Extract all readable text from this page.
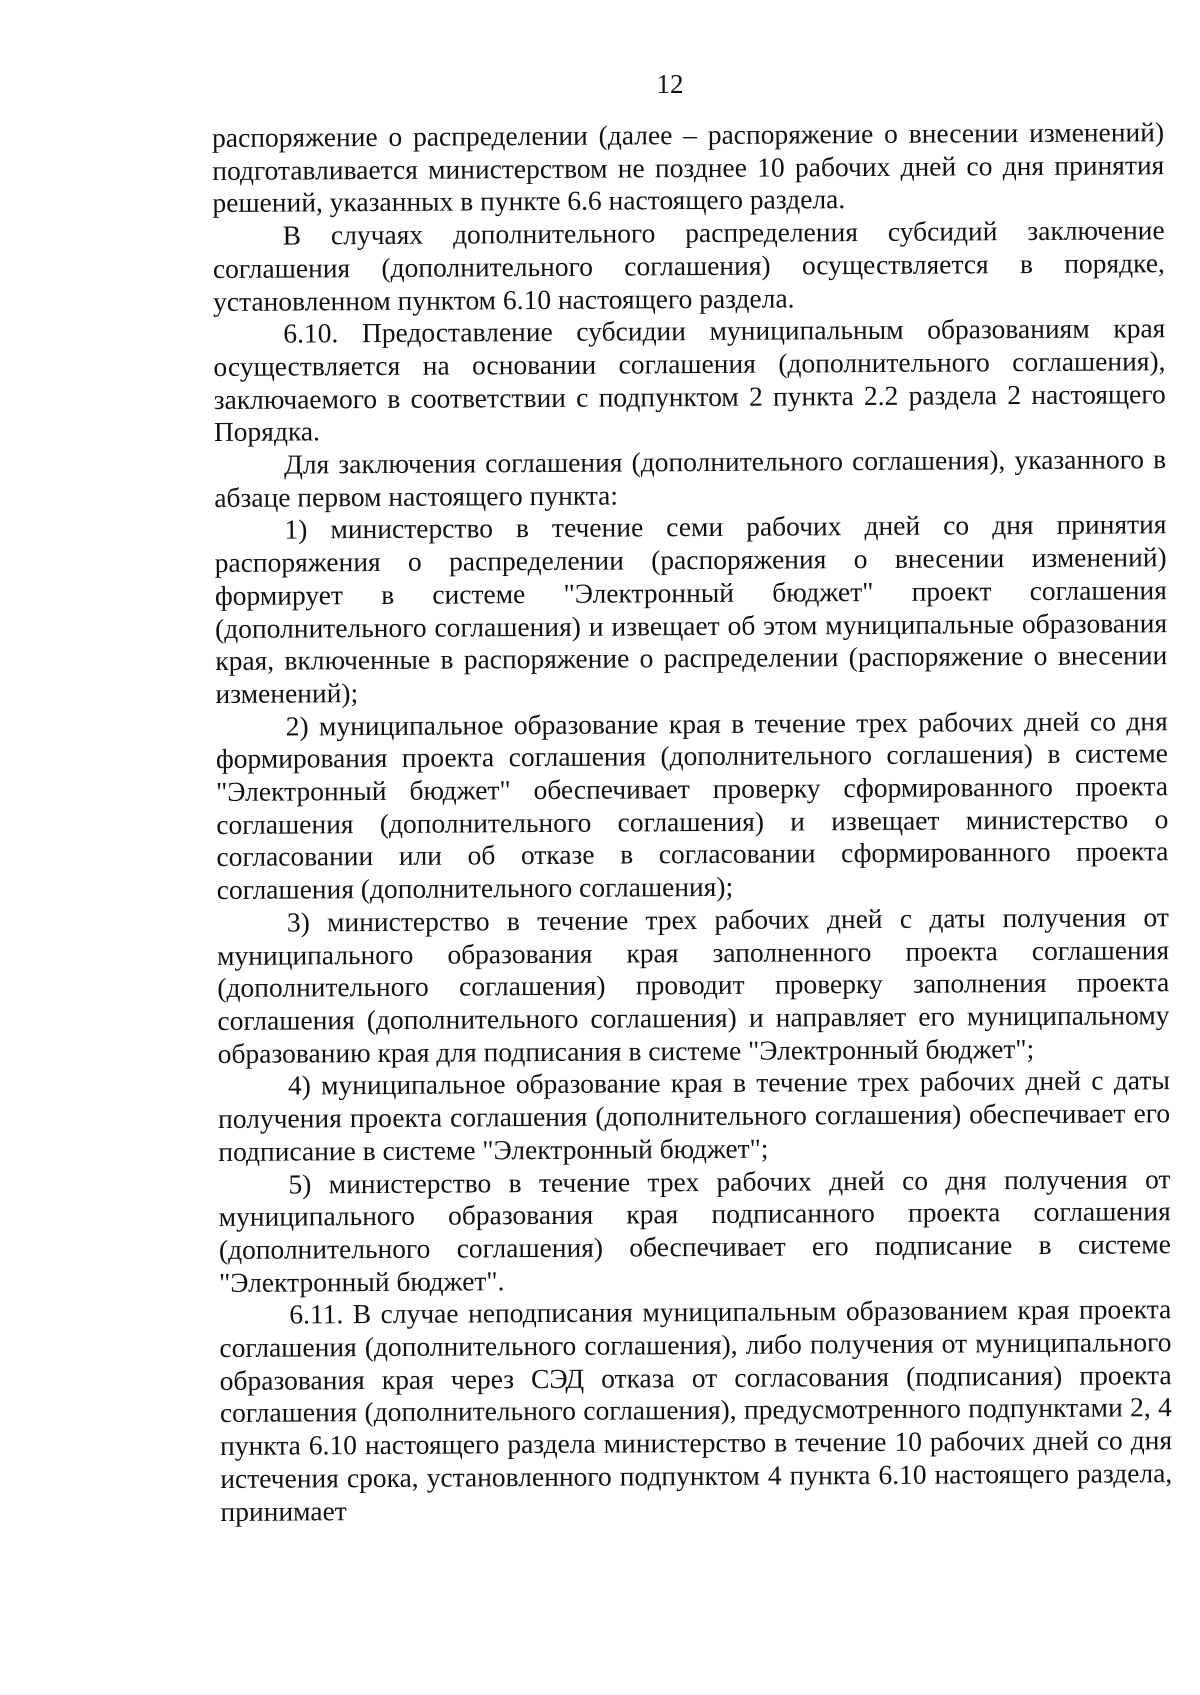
12

распоряжение о распределении (далее – распоряжение о внесении изменений) подготавливается министерством не позднее 10 рабочих дней со дня принятия решений, указанных в пункте 6.6 настоящего раздела.

В случаях дополнительного распределения субсидий заключение соглашения (дополнительного соглашения) осуществляется в порядке, установленном пунктом 6.10 настоящего раздела.

6.10. Предоставление субсидии муниципальным образованиям края осуществляется на основании соглашения (дополнительного соглашения), заключаемого в соответствии с подпунктом 2 пункта 2.2 раздела 2 настоящего Порядка.

Для заключения соглашения (дополнительного соглашения), указанного в абзаце первом настоящего пункта:

1) министерство в течение семи рабочих дней со дня принятия распоряжения о распределении (распоряжения о внесении изменений) формирует в системе "Электронный бюджет" проект соглашения (дополнительного соглашения) и извещает об этом муниципальные образования края, включенные в распоряжение о распределении (распоряжение о внесении изменений);

2) муниципальное образование края в течение трех рабочих дней со дня формирования проекта соглашения (дополнительного соглашения) в системе "Электронный бюджет" обеспечивает проверку сформированного проекта соглашения (дополнительного соглашения) и извещает министерство о согласовании или об отказе в согласовании сформированного проекта соглашения (дополнительного соглашения);

3) министерство в течение трех рабочих дней с даты получения от муниципального образования края заполненного проекта соглашения (дополнительного соглашения) проводит проверку заполнения проекта соглашения (дополнительного соглашения) и направляет его муниципальному образованию края для подписания в системе "Электронный бюджет";

4) муниципальное образование края в течение трех рабочих дней с даты получения проекта соглашения (дополнительного соглашения) обеспечивает его подписание в системе "Электронный бюджет";

5) министерство в течение трех рабочих дней со дня получения от муниципального образования края подписанного проекта соглашения (дополнительного соглашения) обеспечивает его подписание в системе "Электронный бюджет".

6.11. В случае неподписания муниципальным образованием края проекта соглашения (дополнительного соглашения), либо получения от муниципального образования края через СЭД отказа от согласования (подписания) проекта соглашения (дополнительного соглашения), предусмотренного подпунктами 2, 4 пункта 6.10 настоящего раздела министерство в течение 10 рабочих дней со дня истечения срока, установленного подпунктом 4 пункта 6.10 настоящего раздела, принимает
